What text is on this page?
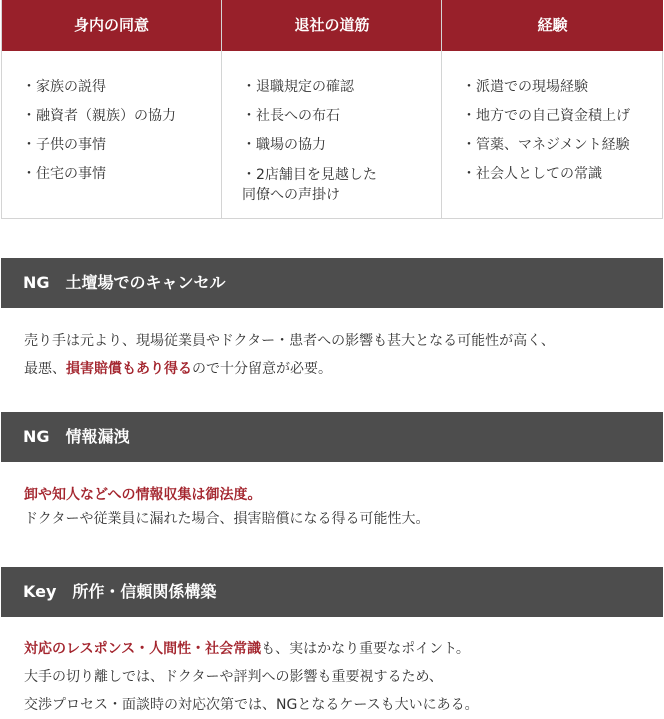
身内の同意
・家族の説得
・融資者（親族）の協力
・子供の事情
・住宅の事情
退社の道筋
・退職規定の確認
・社長への布石
・職場の協力
・2店舗目を見越した
同僚への声掛け
経験
・派遣での現場経験
・地方での自己資金積上げ
・管薬、マネジメント経験
・社会人としての常識
NG　土壇場でのキャンセル
売り手は元より、現場従業員やドクター・患者への影響も甚大となる可能性が高く、
最悪、損害賠償もあり得るので十分留意が必要。
NG　情報漏洩
卸や知人などへの情報収集は御法度。
ドクターや従業員に漏れた場合、損害賠償になる得る可能性大。
Key　所作・信頼関係構築
対応のレスポンス・人間性・社会常識も、実はかなり重要なポイント。
大手の切り離しでは、ドクターや評判への影響も重要視するため、
交渉プロセス・面談時の対応次第では、NGとなるケースも大いにある。
